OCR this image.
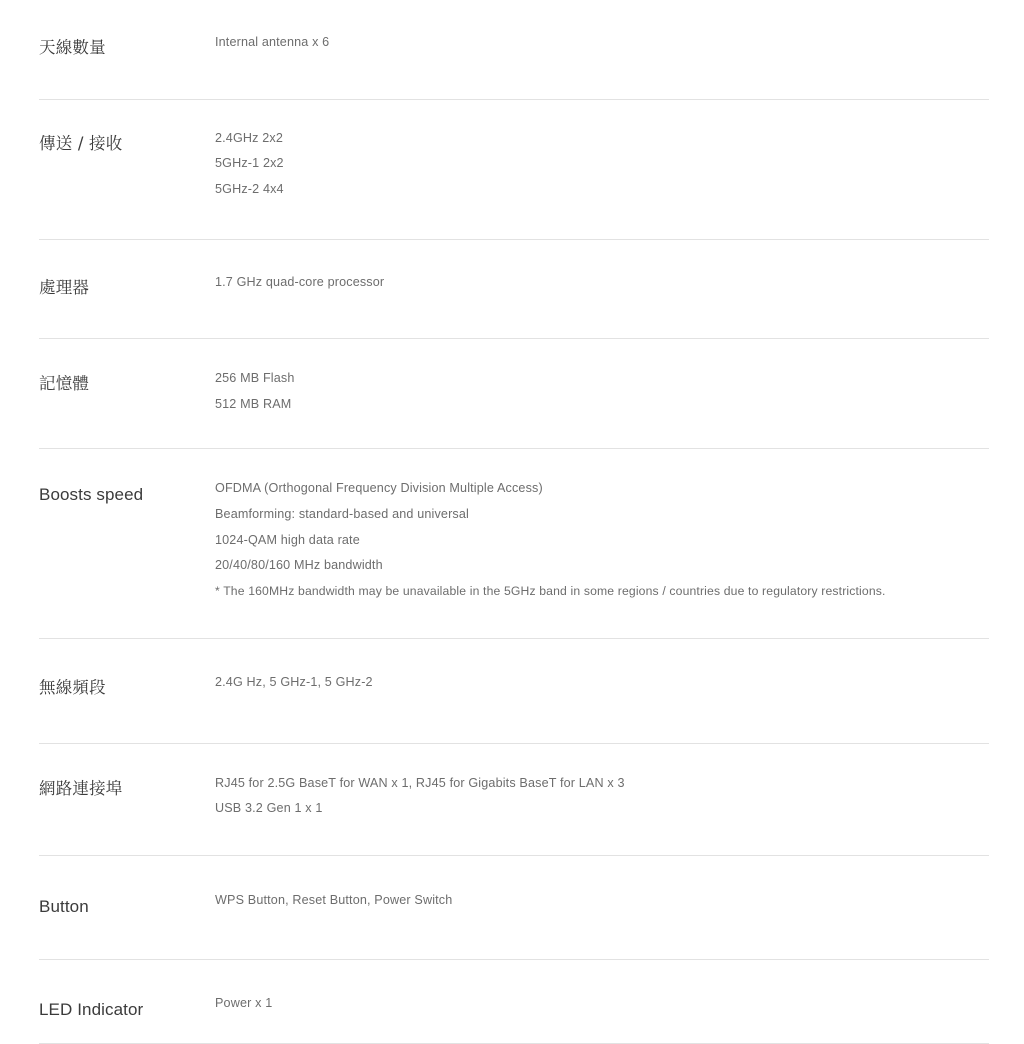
天線數量	Internal antenna x 6

傳送 / 接收	2.4GHz 2x2
5GHz-1 2x2
5GHz-2 4x4

處理器	1.7 GHz quad-core processor

記憶體	256 MB Flash
512 MB RAM

Boosts speed	OFDMA (Orthogonal Frequency Division Multiple Access)
Beamforming: standard-based and universal
1024-QAM high data rate
20/40/80/160 MHz bandwidth
* The 160MHz bandwidth may be unavailable in the 5GHz band in some regions / countries due to regulatory restrictions.

無線頻段	2.4G Hz, 5 GHz-1, 5 GHz-2

網路連接埠	RJ45 for 2.5G BaseT for WAN x 1, RJ45 for Gigabits BaseT for LAN x 3
USB 3.2 Gen 1 x 1

Button	WPS Button, Reset Button, Power Switch

LED Indicator	Power x 1
